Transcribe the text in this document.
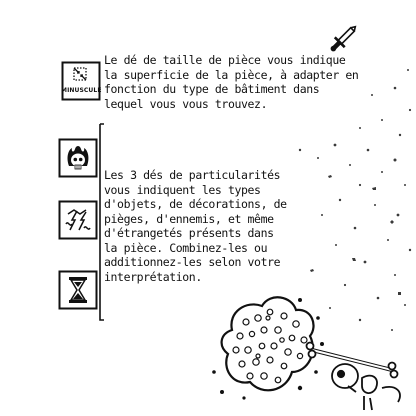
MINUSCULE
Le dé de taille de pièce vous indique
la superficie de la pièce, à adapter en
fonction du type de bâtiment dans
lequel vous vous trouvez.
Les 3 dés de particularités
vous indiquent les types
d'objets, de décorations, de
pièges, d'ennemis, et même
d'étrangetés présents dans
la pièce. Combinez-les ou
additionnez-les selon votre
interprétation.
